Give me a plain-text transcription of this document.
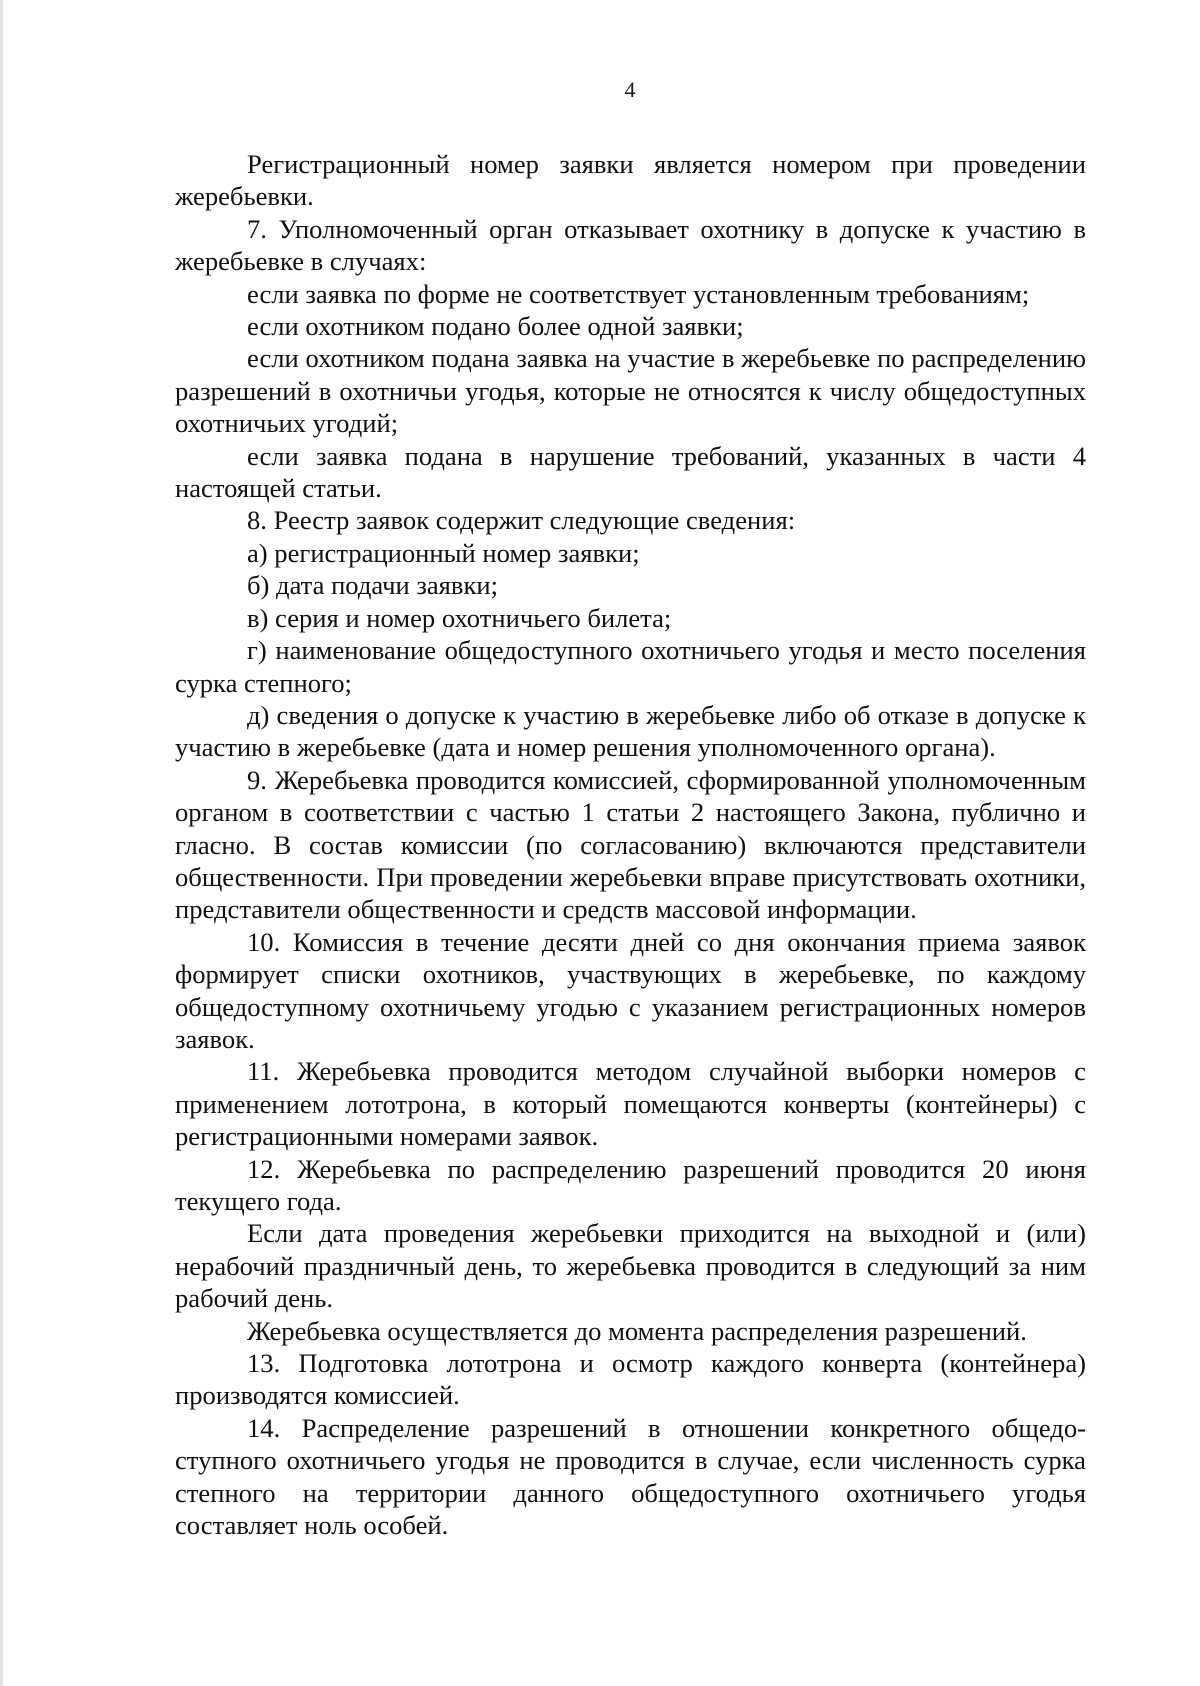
4

Регистрационный номер заявки является номером при проведении жеребьевки.

7. Уполномоченный орган отказывает охотнику в допуске к участию в жеребьевке в случаях:

если заявка по форме не соответствует установленным требованиям;

если охотником подано более одной заявки;

если охотником подана заявка на участие в жеребьевке по распределению разрешений в охотничьи угодья, которые не относятся к числу общедоступных охотничьих угодий;

если заявка подана в нарушение требований, указанных в части 4 настоящей статьи.

8. Реестр заявок содержит следующие сведения:

а) регистрационный номер заявки;

б) дата подачи заявки;

в) серия и номер охотничьего билета;

г) наименование общедоступного охотничьего угодья и место поселения сурка степного;

д) сведения о допуске к участию в жеребьевке либо об отказе в допуске к участию в жеребьевке (дата и номер решения уполномоченного органа).

9. Жеребьевка проводится комиссией, сформированной уполномоченным органом в соответствии с частью 1 статьи 2 настоящего Закона, публично и гласно. В состав комиссии (по согласованию) включаются представители общественности. При проведении жеребьевки вправе присутствовать охотники, представители общественности и средств массовой информации.

10. Комиссия в течение десяти дней со дня окончания приема заявок формирует списки охотников, участвующих в жеребьевке, по каждому общедоступному охотничьему угодью с указанием регистрационных номеров заявок.

11. Жеребьевка проводится методом случайной выборки номеров с применением лототрона, в который помещаются конверты (контейнеры) с регистрационными номерами заявок.

12. Жеребьевка по распределению разрешений проводится 20 июня текущего года.

Если дата проведения жеребьевки приходится на выходной и (или) нерабочий праздничный день, то жеребьевка проводится в следующий за ним рабочий день.

Жеребьевка осуществляется до момента распределения разрешений.

13. Подготовка лототрона и осмотр каждого конверта (контейнера) производятся комиссией.

14. Распределение разрешений в отношении конкретного общедоступного охотничьего угодья не проводится в случае, если численность сурка степного на территории данного общедоступного охотничьего угодья составляет ноль особей.
